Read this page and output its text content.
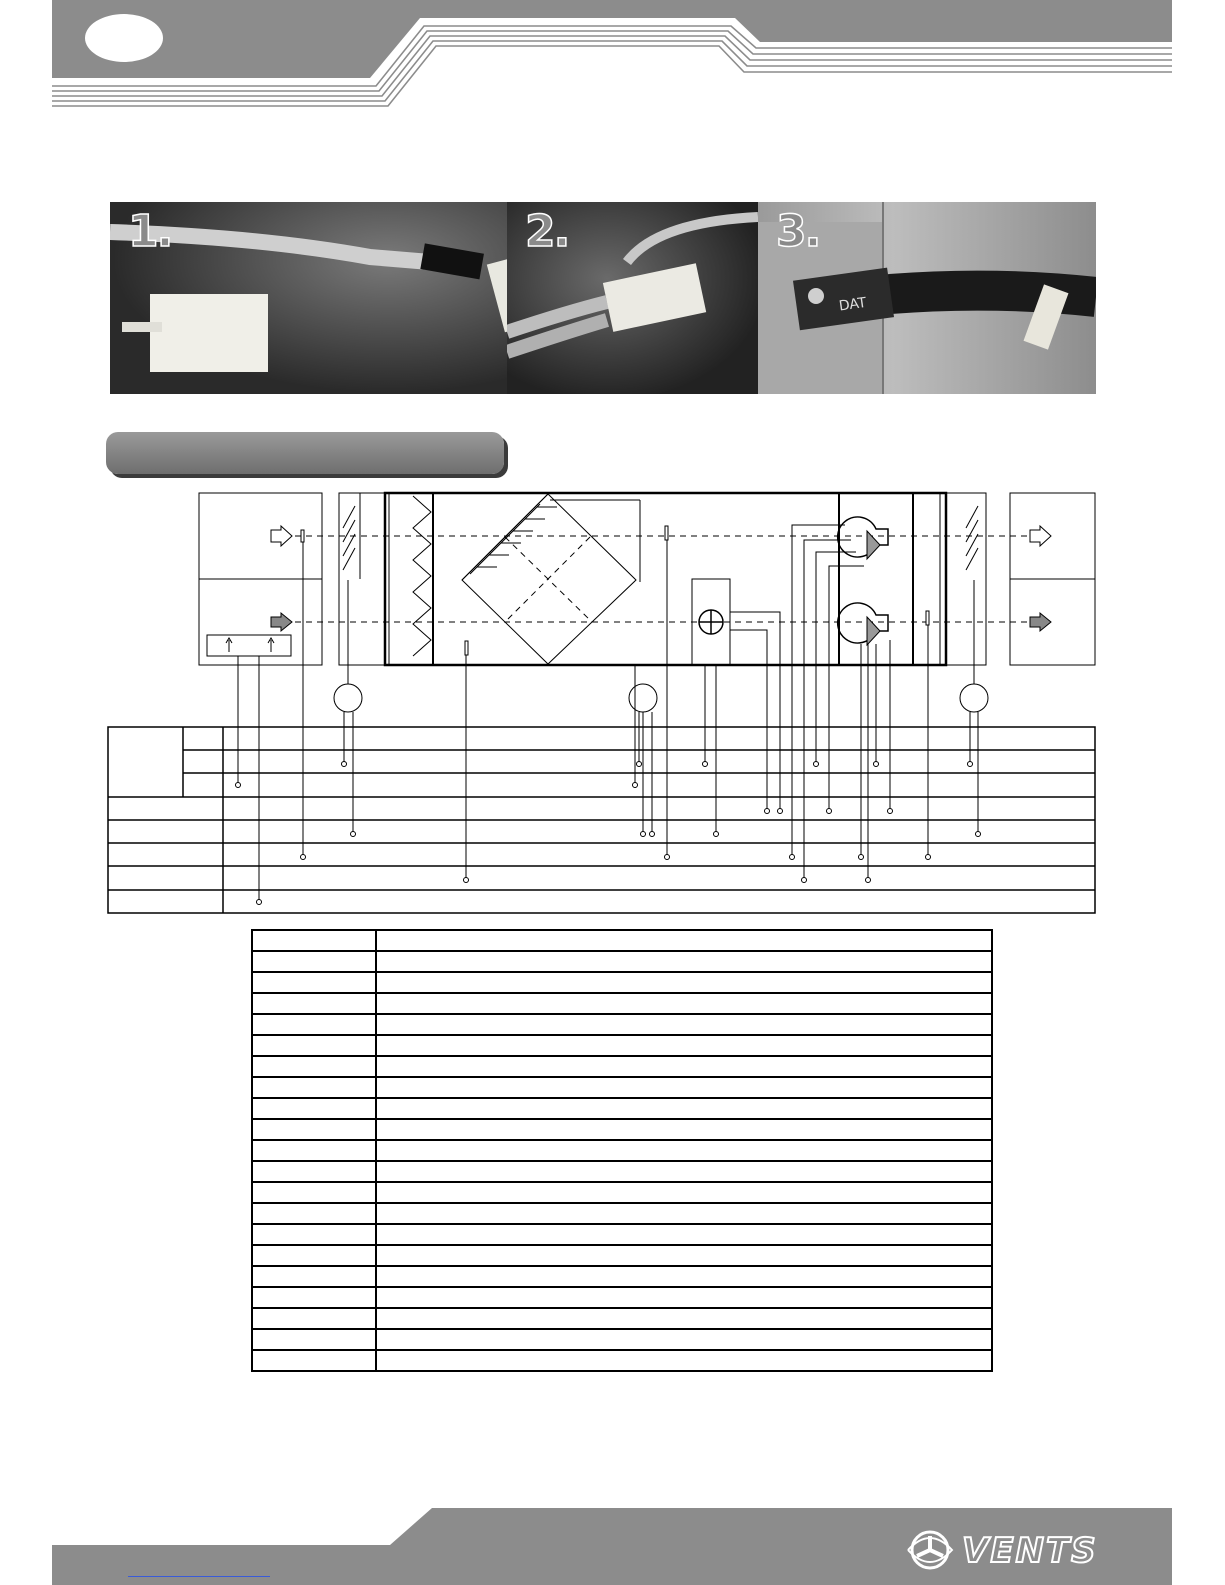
1.	2.
DAT
3.

VENTS
